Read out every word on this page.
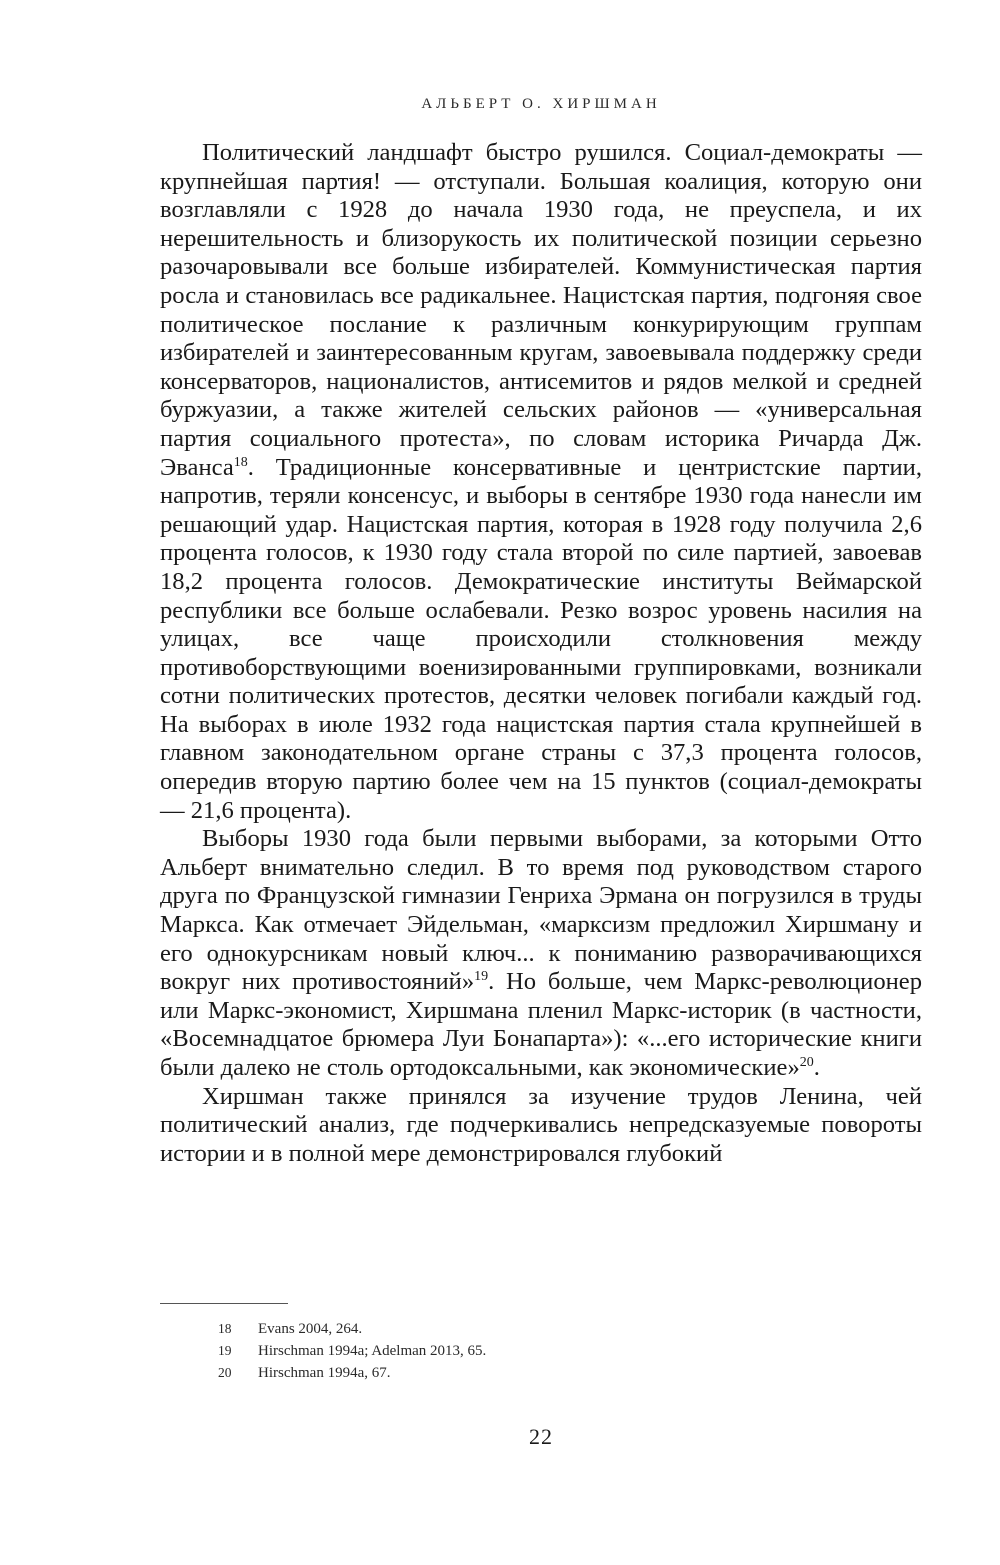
АЛЬБЕРТ О. ХИРШМАН

Политический ландшафт быстро рушился. Социал-демократы — крупнейшая партия! — отступали. Большая коалиция, которую они возглавляли с 1928 до начала 1930 года, не преуспела, и их нерешительность и близорукость их политической позиции серьезно разочаровывали все больше избирателей. Коммунистическая партия росла и становилась все радикальнее. Нацистская партия, подгоняя свое политическое послание к различным конкурирующим группам избирателей и заинтересованным кругам, завоевывала поддержку среди консерваторов, националистов, антисемитов и рядов мелкой и средней буржуазии, а также жителей сельских районов — «универсальная партия социального протеста», по словам историка Ричарда Дж. Эванса$^{18}$. Традиционные консервативные и центристские партии, напротив, теряли консенсус, и выборы в сентябре 1930 года нанесли им решающий удар. Нацистская партия, которая в 1928 году получила 2,6 процента голосов, к 1930 году стала второй по силе партией, завоевав 18,2 процента голосов. Демократические институты Веймарской республики все больше ослабевали. Резко возрос уровень насилия на улицах, все чаще происходили столкновения между противоборствующими военизированными группировками, возникали сотни политических протестов, десятки человек погибали каждый год. На выборах в июле 1932 года нацистская партия стала крупнейшей в главном законодательном органе страны с 37,3 процента голосов, опередив вторую партию более чем на 15 пунктов (социал-демократы — 21,6 процента).

Выборы 1930 года были первыми выборами, за которыми Отто Альберт внимательно следил. В то время под руководством старого друга по Французской гимназии Генриха Эрмана он погрузился в труды Маркса. Как отмечает Эйдельман, «марксизм предложил Хиршману и его однокурсникам новый ключ... к пониманию разворачивающихся вокруг них противостояний»$^{19}$. Но больше, чем Маркс-революционер или Маркс-экономист, Хиршмана пленил Маркс-историк (в частности, «Восемнадцатое брюмера Луи Бонапарта»): «...его исторические книги были далеко не столь ортодоксальными, как экономические»$^{20}$.

Хиршман также принялся за изучение трудов Ленина, чей политический анализ, где подчеркивались непредсказуемые повороты истории и в полной мере демонстрировался глубокий

18	Evans 2004, 264.
19	Hirschman 1994a; Adelman 2013, 65.
20	Hirschman 1994a, 67.
22
